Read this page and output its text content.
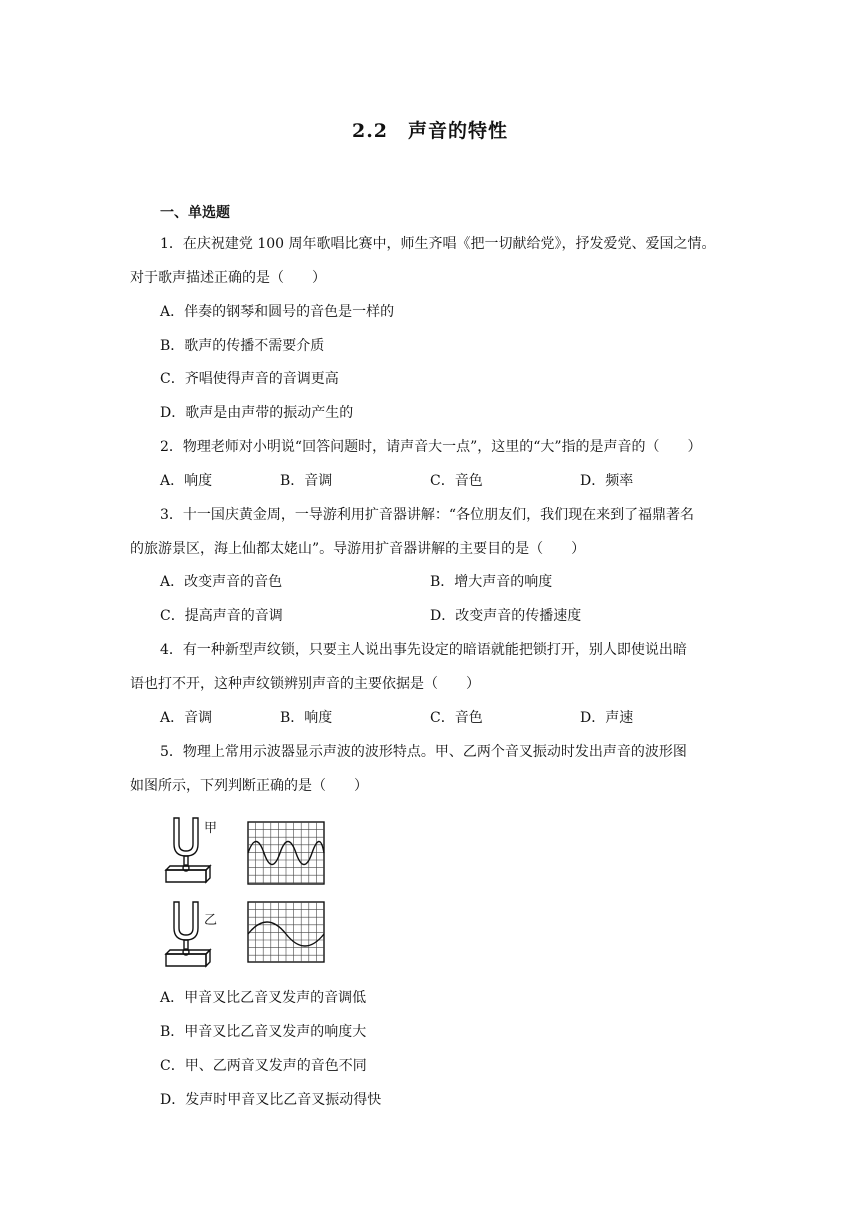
2.2　声音的特性
一、单选题
1．在庆祝建党 100 周年歌唱比赛中，师生齐唱《把一切献给党》，抒发爱党、爱国之情。
对于歌声描述正确的是（　　）
A．伴奏的钢琴和圆号的音色是一样的
B．歌声的传播不需要介质
C．齐唱使得声音的音调更高
D．歌声是由声带的振动产生的
2．物理老师对小明说“回答问题时，请声音大一点”，这里的“大”指的是声音的（　　）
A．响度	B．音调	C．音色	D．频率
3．十一国庆黄金周，一导游利用扩音器讲解：“各位朋友们，我们现在来到了福鼎著名
的旅游景区，海上仙都太姥山”。导游用扩音器讲解的主要目的是（　　）
A．改变声音的音色	B．增大声音的响度
C．提高声音的音调	D．改变声音的传播速度
4．有一种新型声纹锁，只要主人说出事先设定的暗语就能把锁打开，别人即使说出暗
语也打不开，这种声纹锁辨别声音的主要依据是（　　）
A．音调	B．响度	C．音色	D．声速
5．物理上常用示波器显示声波的波形特点。甲、乙两个音叉振动时发出声音的波形图
如图所示，下列判断正确的是（　　）
甲
乙
A．甲音叉比乙音叉发声的音调低
B．甲音叉比乙音叉发声的响度大
C．甲、乙两音叉发声的音色不同
D．发声时甲音叉比乙音叉振动得快
